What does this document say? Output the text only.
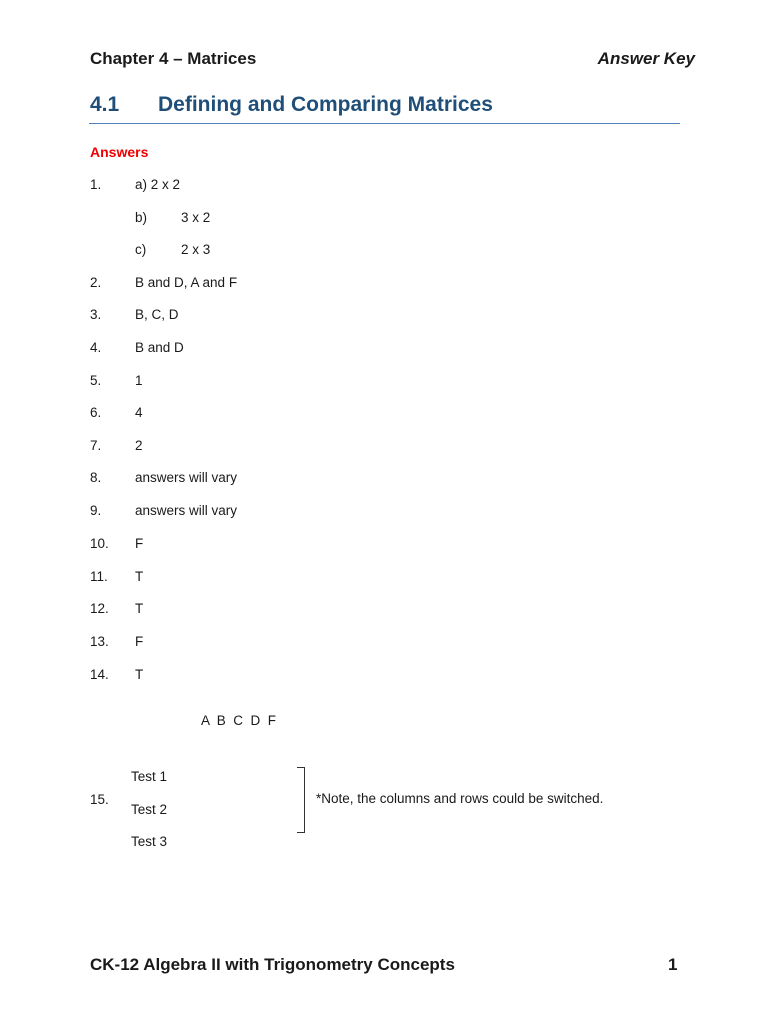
Chapter 4 – Matrices	Answer Key
4.1 Defining and Comparing Matrices
Answers
1. a) 2 x 2
b)	3 x 2
c)	2 x 3
2. B and D, A and F
3. B, C, D
4. B and D
5. 1
6. 4
7. 2
8. answers will vary
9. answers will vary
10. F
11. T
12. T
13. F
14. T
A  B  C  D  F
15.
Test 1
Test 2
Test 3
*Note, the columns and rows could be switched.
CK-12 Algebra II with Trigonometry Concepts	1
